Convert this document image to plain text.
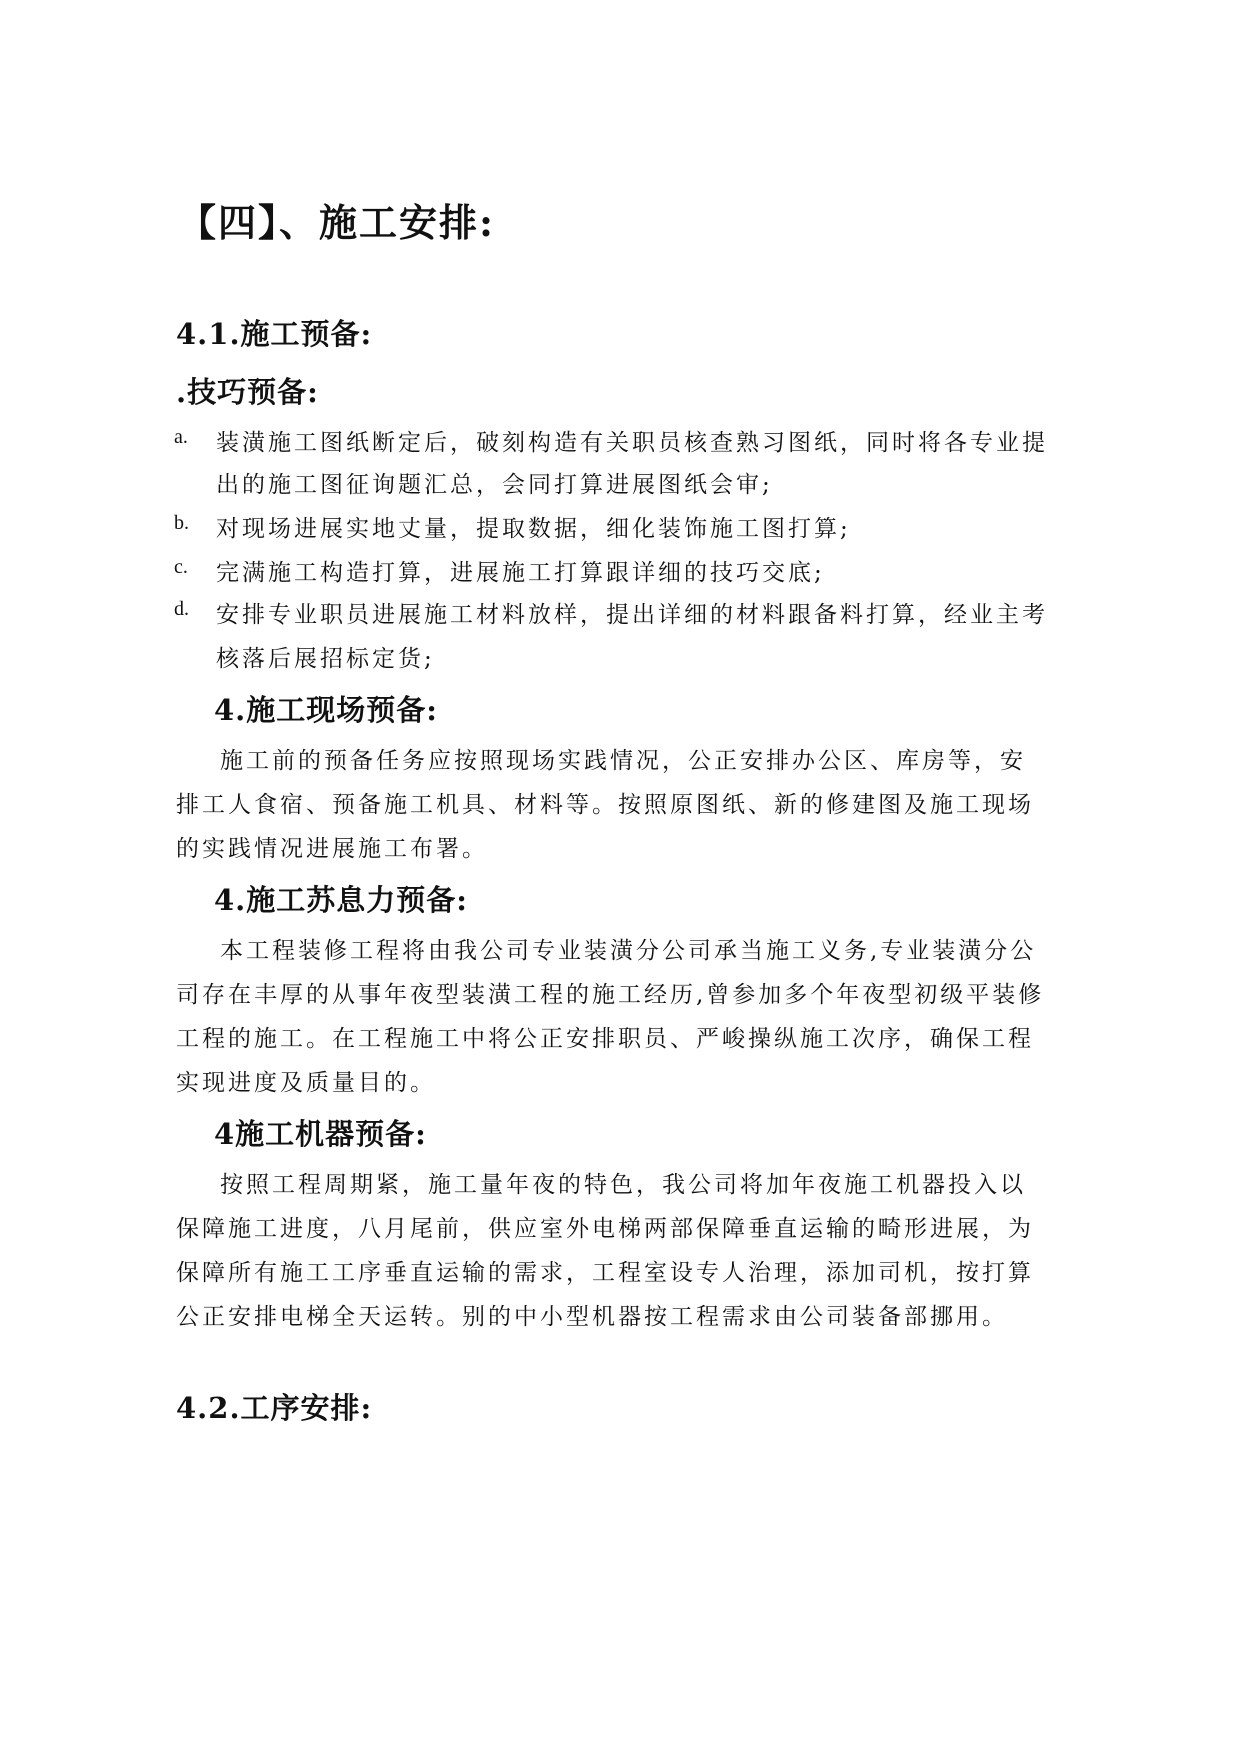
【四】、施工安排:
4.1.施工预备:
.技巧预备:
a. 装潢施工图纸断定后，破刻构造有关职员核查熟习图纸，同时将各专业提
出的施工图征询题汇总，会同打算进展图纸会审;
b. 对现场进展实地丈量，提取数据，细化装饰施工图打算;
c. 完满施工构造打算，进展施工打算跟详细的技巧交底;
d. 安排专业职员进展施工材料放样，提出详细的材料跟备料打算，经业主考
核落后展招标定货;
4.施工现场预备:
施工前的预备任务应按照现场实践情况，公正安排办公区、库房等，安
排工人食宿、预备施工机具、材料等。按照原图纸、新的修建图及施工现场
的实践情况进展施工布署。
4.施工苏息力预备:
本工程装修工程将由我公司专业装潢分公司承当施工义务,专业装潢分公
司存在丰厚的从事年夜型装潢工程的施工经历,曾参加多个年夜型初级平装修
工程的施工。在工程施工中将公正安排职员、严峻操纵施工次序，确保工程
实现进度及质量目的。
4施工机器预备:
按照工程周期紧，施工量年夜的特色，我公司将加年夜施工机器投入以
保障施工进度，八月尾前，供应室外电梯两部保障垂直运输的畸形进展，为
保障所有施工工序垂直运输的需求，工程室设专人治理，添加司机，按打算
公正安排电梯全天运转。别的中小型机器按工程需求由公司装备部挪用。
4.2.工序安排:
